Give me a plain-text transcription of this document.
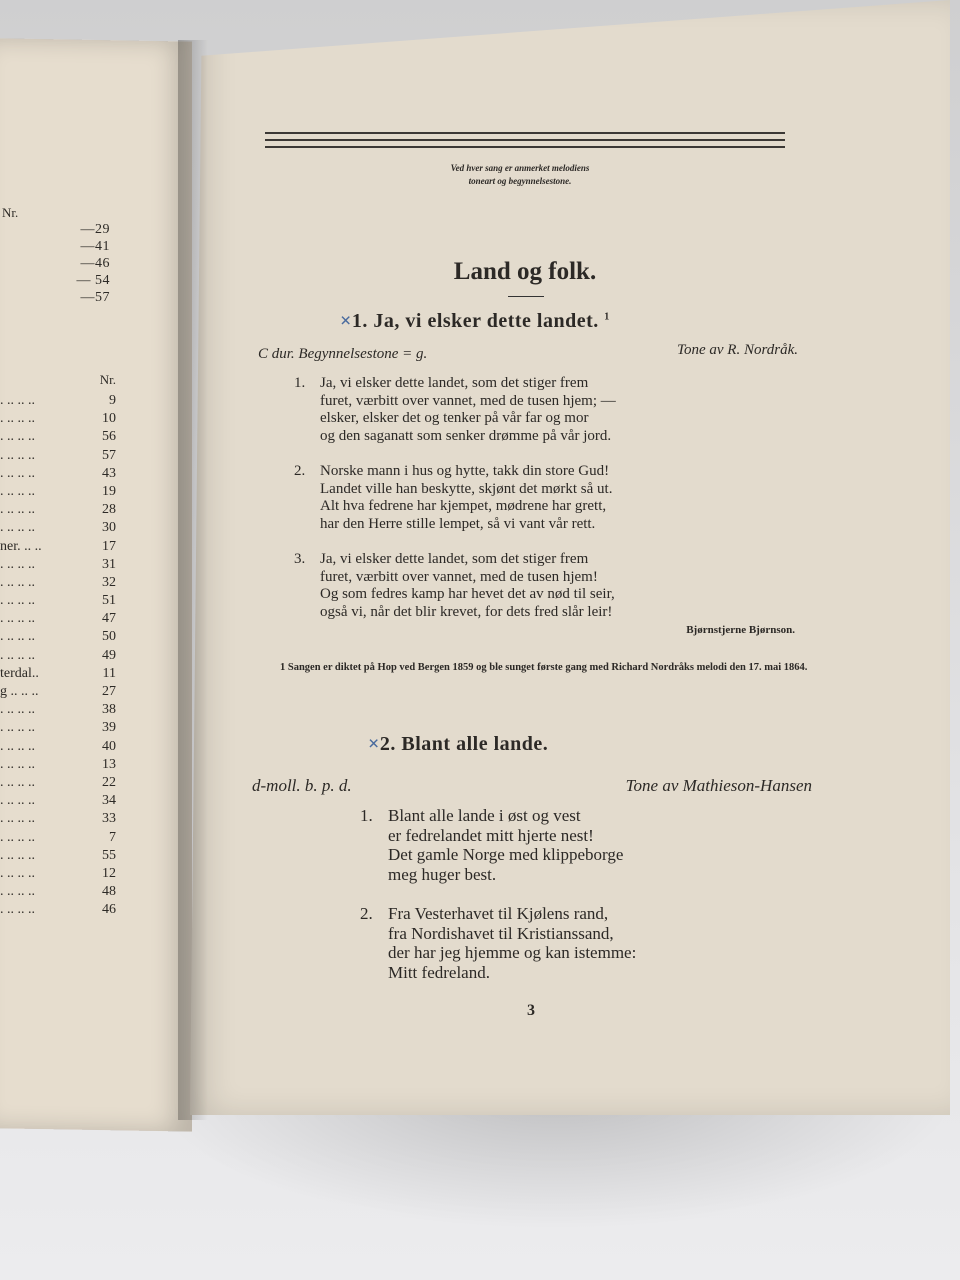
Nr.
—29
—41
—46
— 54
—57
Nr.
. .. .. ..	9
. .. .. ..	10
. .. .. ..	56
. .. .. ..	57
. .. .. ..	43
. .. .. ..	19
. .. .. ..	28
. .. .. ..	30
ner. .. ..	17
. .. .. ..	31
. .. .. ..	32
. .. .. ..	51
. .. .. ..	47
. .. .. ..	50
. .. .. ..	49
terdal..	11
g .. .. ..	27
. .. .. ..	38
. .. .. ..	39
. .. .. ..	40
. .. .. ..	13
. .. .. ..	22
. .. .. ..	34
. .. .. ..	33
. .. .. ..	7
. .. .. ..	55
. .. .. ..	12
. .. .. ..	48
. .. .. ..	46
Ved hver sang er anmerket melodiens
toneart og begynnelsestone.
Land og folk.
×1. Ja, vi elsker dette landet. $^1$
C dur. Begynnelsestone = g.	Tone av R. Nordråk.
1. Ja, vi elsker dette landet, som det stiger frem
furet, værbitt over vannet, med de tusen hjem; —
elsker, elsker det og tenker på vår far og mor
og den saganatt som senker drømme på vår jord.
2. Norske mann i hus og hytte, takk din store Gud!
Landet ville han beskytte, skjønt det mørkt så ut.
Alt hva fedrene har kjempet, mødrene har grett,
har den Herre stille lempet, så vi vant vår rett.
3. Ja, vi elsker dette landet, som det stiger frem
furet, værbitt over vannet, med de tusen hjem!
Og som fedres kamp har hevet det av nød til seir,
også vi, når det blir krevet, for dets fred slår leir!
Bjørnstjerne Bjørnson.
1 Sangen er diktet på Hop ved Bergen 1859 og ble sunget første gang med Richard Nordråks melodi den 17. mai 1864.
×2. Blant alle lande.
d-moll. b. p. d.	Tone av Mathieson-Hansen
1. Blant alle lande i øst og vest
er fedrelandet mitt hjerte nest!
Det gamle Norge med klippeborge
meg huger best.
2. Fra Vesterhavet til Kjølens rand,
fra Nordishavet til Kristianssand,
der har jeg hjemme og kan istemme:
Mitt fedreland.
3
